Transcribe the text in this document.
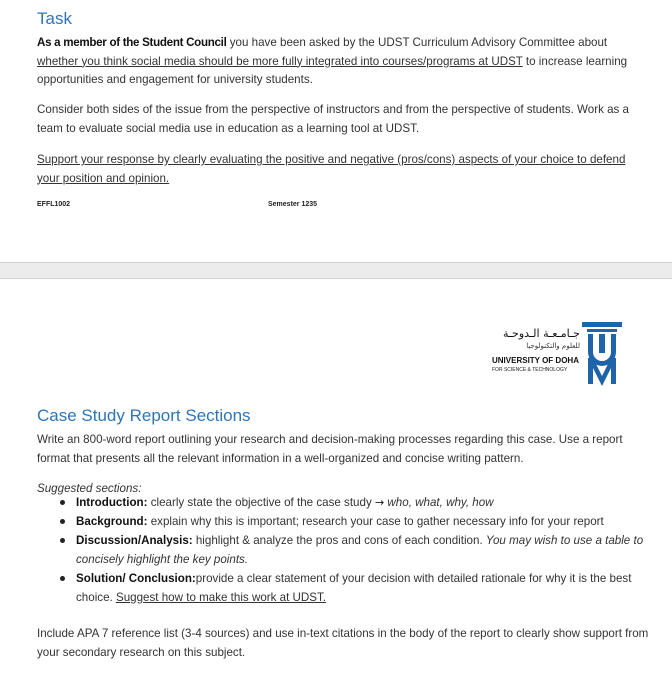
Task

As a member of the Student Council you have been asked by the UDST Curriculum Advisory Committee about whether you think social media should be more fully integrated into courses/programs at UDST to increase learning opportunities and engagement for university students.

Consider both sides of the issue from the perspective of instructors and from the perspective of students. Work as a team to evaluate social media use in education as a learning tool at UDST.

Support your response by clearly evaluating the positive and negative (pros/cons) aspects of your choice to defend your position and opinion.

EFFL1002	Semester 1235
جـامـعـة الـدوحـة
للعلوم والتكنولوجيا
UNIVERSITY OF DOHA
FOR SCIENCE & TECHNOLOGY
Case Study Report Sections

Write an 800-word report outlining your research and decision-making processes regarding this case. Use a report format that presents all the relevant information in a well-organized and concise writing pattern.

Suggested sections:

Introduction: clearly state the objective of the case study → who, what, why, how
Background: explain why this is important; research your case to gather necessary info for your report
Discussion/Analysis: highlight & analyze the pros and cons of each condition. You may wish to use a table to concisely highlight the key points.
Solution/ Conclusion:provide a clear statement of your decision with detailed rationale for why it is the best choice. Suggest how to make this work at UDST.

Include APA 7 reference list (3-4 sources) and use in-text citations in the body of the report to clearly show support from your secondary research on this subject.
